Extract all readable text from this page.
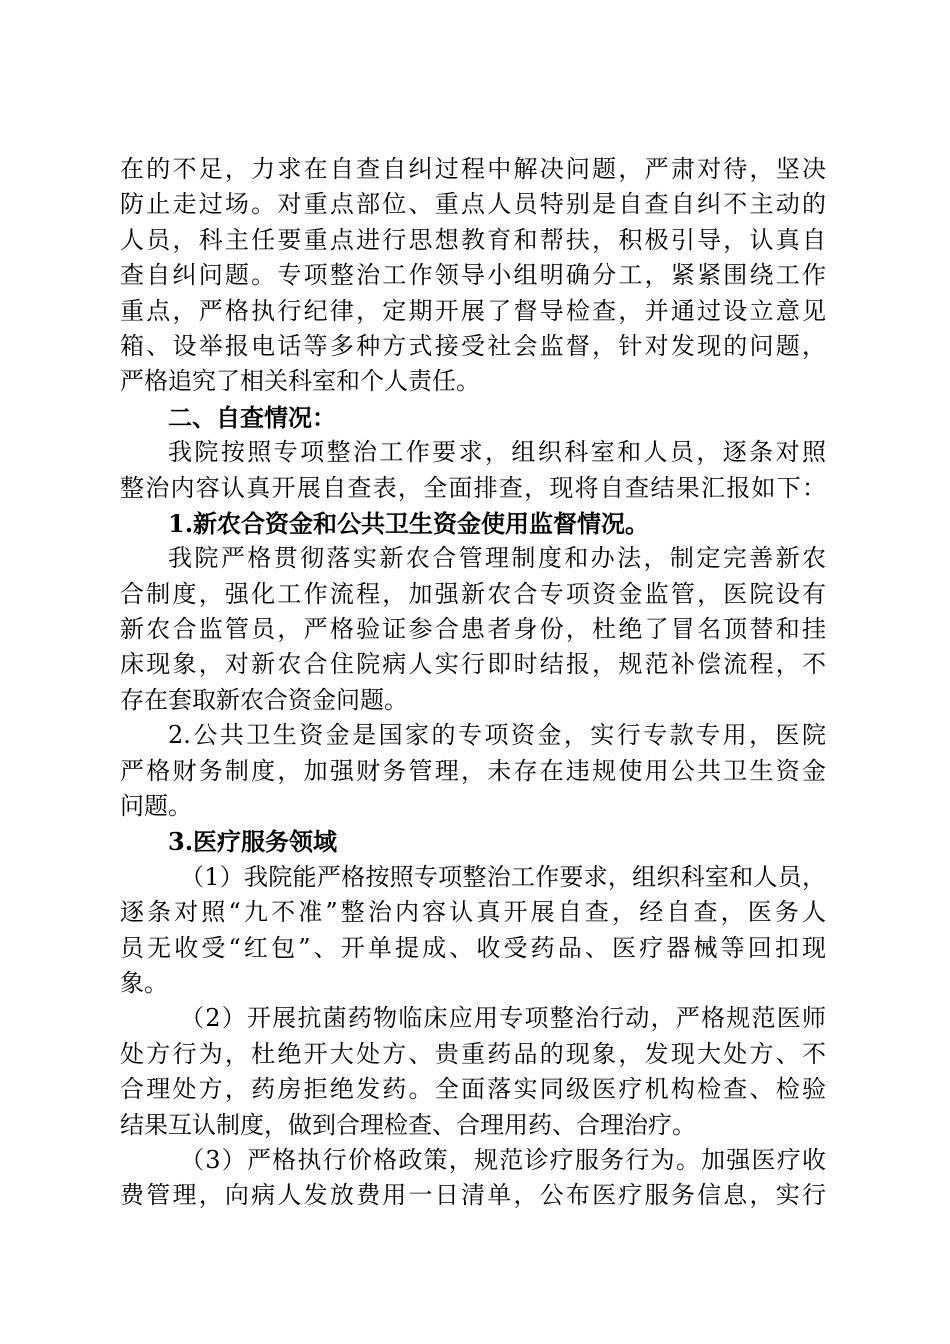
在的不足，力求在自查自纠过程中解决问题，严肃对待，坚决
防止走过场。对重点部位、重点人员特别是自查自纠不主动的
人员，科主任要重点进行思想教育和帮扶，积极引导，认真自
查自纠问题。专项整治工作领导小组明确分工，紧紧围绕工作
重点，严格执行纪律，定期开展了督导检查，并通过设立意见
箱、设举报电话等多种方式接受社会监督，针对发现的问题，
严格追究了相关科室和个人责任。
二、自查情况：
我院按照专项整治工作要求，组织科室和人员，逐条对照
整治内容认真开展自查表，全面排查，现将自查结果汇报如下：
1.新农合资金和公共卫生资金使用监督情况。
我院严格贯彻落实新农合管理制度和办法，制定完善新农
合制度，强化工作流程，加强新农合专项资金监管，医院设有
新农合监管员，严格验证参合患者身份，杜绝了冒名顶替和挂
床现象，对新农合住院病人实行即时结报，规范补偿流程，不
存在套取新农合资金问题。
2.公共卫生资金是国家的专项资金，实行专款专用，医院
严格财务制度，加强财务管理，未存在违规使用公共卫生资金
问题。
3.医疗服务领域
（1）我院能严格按照专项整治工作要求，组织科室和人员，
逐条对照“九不准”整治内容认真开展自查，经自查，医务人
员无收受“红包”、开单提成、收受药品、医疗器械等回扣现
象。
（2）开展抗菌药物临床应用专项整治行动，严格规范医师
处方行为，杜绝开大处方、贵重药品的现象，发现大处方、不
合理处方，药房拒绝发药。全面落实同级医疗机构检查、检验
结果互认制度，做到合理检查、合理用药、合理治疗。
（3）严格执行价格政策，规范诊疗服务行为。加强医疗收
费管理，向病人发放费用一日清单，公布医疗服务信息，实行
